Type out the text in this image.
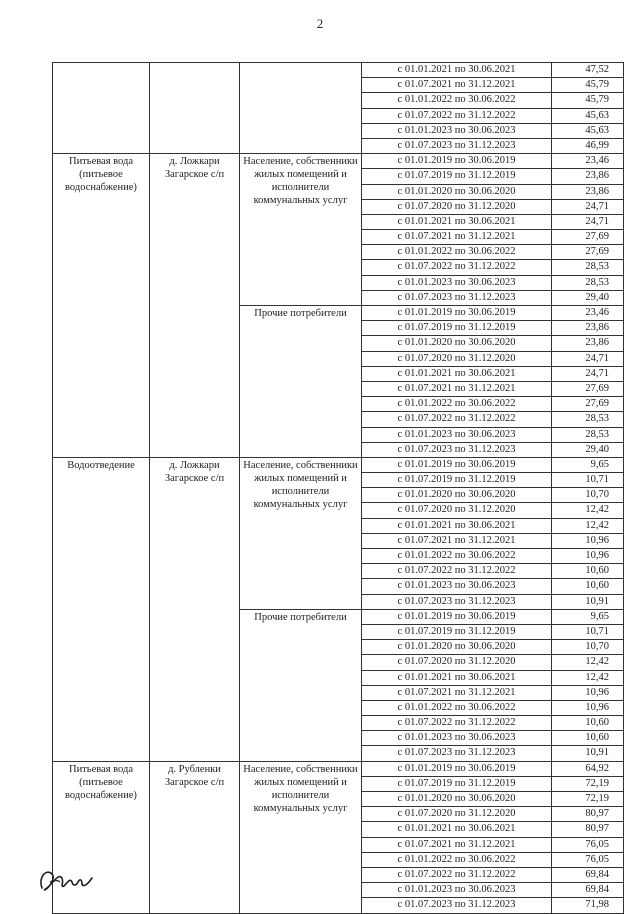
2
			с 01.01.2021 по 30.06.2021	47,52
			с 01.07.2021 по 31.12.2021	45,79
			с 01.01.2022 по 30.06.2022	45,79
			с 01.07.2022 по 31.12.2022	45,63
			с 01.01.2023 по 30.06.2023	45,63
			с 01.07.2023 по 31.12.2023	46,99
Питьевая вода (питьевое водоснабжение)	д. Ложкари Загарское с/п	Население, собственники жилых помещений и исполнители коммунальных услуг	с 01.01.2019 по 30.06.2019	23,46
			с 01.07.2019 по 31.12.2019	23,86
			с 01.01.2020 по 30.06.2020	23,86
			с 01.07.2020 по 31.12.2020	24,71
			с 01.01.2021 по 30.06.2021	24,71
			с 01.07.2021 по 31.12.2021	27,69
			с 01.01.2022 по 30.06.2022	27,69
			с 01.07.2022 по 31.12.2022	28,53
			с 01.01.2023 по 30.06.2023	28,53
			с 01.07.2023 по 31.12.2023	29,40
		Прочие потребители	с 01.01.2019 по 30.06.2019	23,46
			с 01.07.2019 по 31.12.2019	23,86
			с 01.01.2020 по 30.06.2020	23,86
			с 01.07.2020 по 31.12.2020	24,71
			с 01.01.2021 по 30.06.2021	24,71
			с 01.07.2021 по 31.12.2021	27,69
			с 01.01.2022 по 30.06.2022	27,69
			с 01.07.2022 по 31.12.2022	28,53
			с 01.01.2023 по 30.06.2023	28,53
			с 01.07.2023 по 31.12.2023	29,40
Водоотведение	д. Ложкари Загарское с/п	Население, собственники жилых помещений и исполнители коммунальных услуг	с 01.01.2019 по 30.06.2019	9,65
			с 01.07.2019 по 31.12.2019	10,71
			с 01.01.2020 по 30.06.2020	10,70
			с 01.07.2020 по 31.12.2020	12,42
			с 01.01.2021 по 30.06.2021	12,42
			с 01.07.2021 по 31.12.2021	10,96
			с 01.01.2022 по 30.06.2022	10,96
			с 01.07.2022 по 31.12.2022	10,60
			с 01.01.2023 по 30.06.2023	10,60
			с 01.07.2023 по 31.12.2023	10,91
		Прочие потребители	с 01.01.2019 по 30.06.2019	9,65
			с 01.07.2019 по 31.12.2019	10,71
			с 01.01.2020 по 30.06.2020	10,70
			с 01.07.2020 по 31.12.2020	12,42
			с 01.01.2021 по 30.06.2021	12,42
			с 01.07.2021 по 31.12.2021	10,96
			с 01.01.2022 по 30.06.2022	10,96
			с 01.07.2022 по 31.12.2022	10,60
			с 01.01.2023 по 30.06.2023	10,60
			с 01.07.2023 по 31.12.2023	10,91
Питьевая вода (питьевое водоснабжение)	д. Рубленки Загарское с/п	Население, собственники жилых помещений и исполнители коммунальных услуг	с 01.01.2019 по 30.06.2019	64,92
			с 01.07.2019 по 31.12.2019	72,19
			с 01.01.2020 по 30.06.2020	72,19
			с 01.07.2020 по 31.12.2020	80,97
			с 01.01.2021 по 30.06.2021	80,97
			с 01.07.2021 по 31.12.2021	76,05
			с 01.01.2022 по 30.06.2022	76,05
			с 01.07.2022 по 31.12.2022	69,84
			с 01.01.2023 по 30.06.2023	69,84
			с 01.07.2023 по 31.12.2023	71,98
